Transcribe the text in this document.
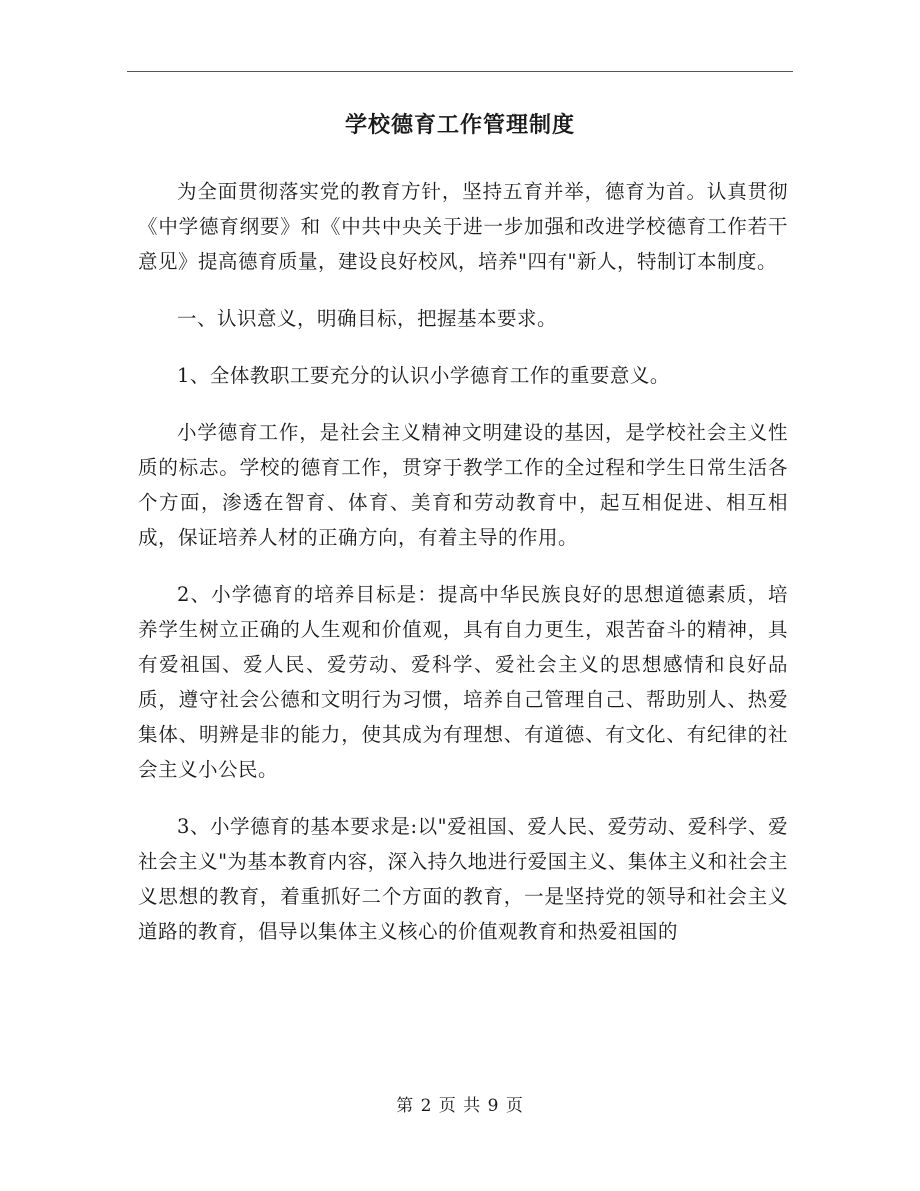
学校德育工作管理制度

为全面贯彻落实党的教育方针，坚持五育并举，德育为首。认真贯彻《中学德育纲要》和《中共中央关于进一步加强和改进学校德育工作若干意见》提高德育质量，建设良好校风，培养"四有"新人，特制订本制度。

一、认识意义，明确目标，把握基本要求。

1、全体教职工要充分的认识小学德育工作的重要意义。

小学德育工作，是社会主义精神文明建设的基因，是学校社会主义性质的标志。学校的德育工作，贯穿于教学工作的全过程和学生日常生活各个方面，渗透在智育、体育、美育和劳动教育中，起互相促进、相互相成，保证培养人材的正确方向，有着主导的作用。

2、小学德育的培养目标是：提高中华民族良好的思想道德素质，培养学生树立正确的人生观和价值观，具有自力更生，艰苦奋斗的精神，具有爱祖国、爱人民、爱劳动、爱科学、爱社会主义的思想感情和良好品质，遵守社会公德和文明行为习惯，培养自己管理自己、帮助别人、热爱集体、明辨是非的能力，使其成为有理想、有道德、有文化、有纪律的社会主义小公民。

3、小学德育的基本要求是:以"爱祖国、爱人民、爱劳动、爱科学、爱社会主义"为基本教育内容，深入持久地进行爱国主义、集体主义和社会主义思想的教育，着重抓好二个方面的教育，一是坚持党的领导和社会主义道路的教育，倡导以集体主义核心的价值观教育和热爱祖国的

第 2 页 共 9 页
